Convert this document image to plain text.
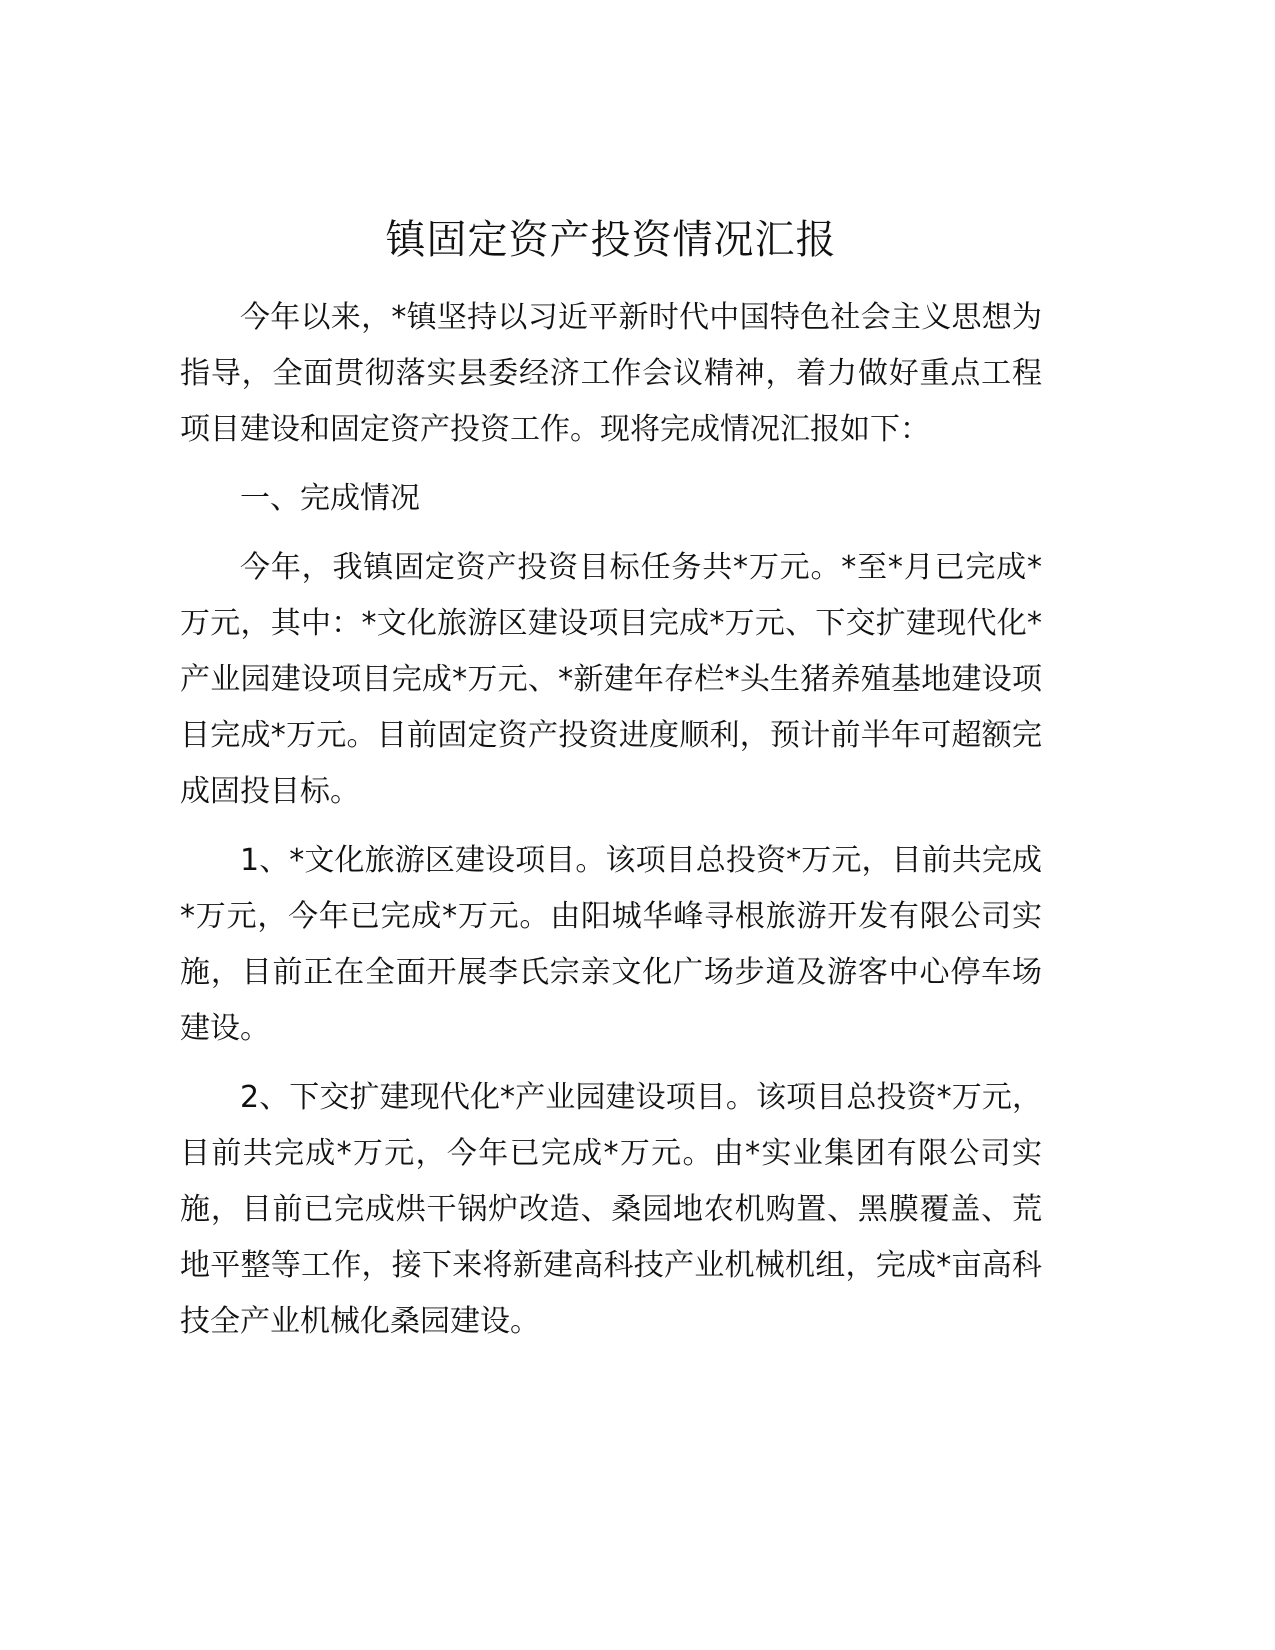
镇固定资产投资情况汇报

今年以来，*镇坚持以习近平新时代中国特色社会主义思想为指导，全面贯彻落实县委经济工作会议精神，着力做好重点工程项目建设和固定资产投资工作。现将完成情况汇报如下：

一、完成情况

今年，我镇固定资产投资目标任务共*万元。*至*月已完成*万元，其中：*文化旅游区建设项目完成*万元、下交扩建现代化*产业园建设项目完成*万元、*新建年存栏*头生猪养殖基地建设项目完成*万元。目前固定资产投资进度顺利，预计前半年可超额完成固投目标。

1、*文化旅游区建设项目。该项目总投资*万元，目前共完成*万元，今年已完成*万元。由阳城华峰寻根旅游开发有限公司实施，目前正在全面开展李氏宗亲文化广场步道及游客中心停车场建设。

2、下交扩建现代化*产业园建设项目。该项目总投资*万元，目前共完成*万元，今年已完成*万元。由*实业集团有限公司实施，目前已完成烘干锅炉改造、桑园地农机购置、黑膜覆盖、荒地平整等工作，接下来将新建高科技产业机械机组，完成*亩高科技全产业机械化桑园建设。
